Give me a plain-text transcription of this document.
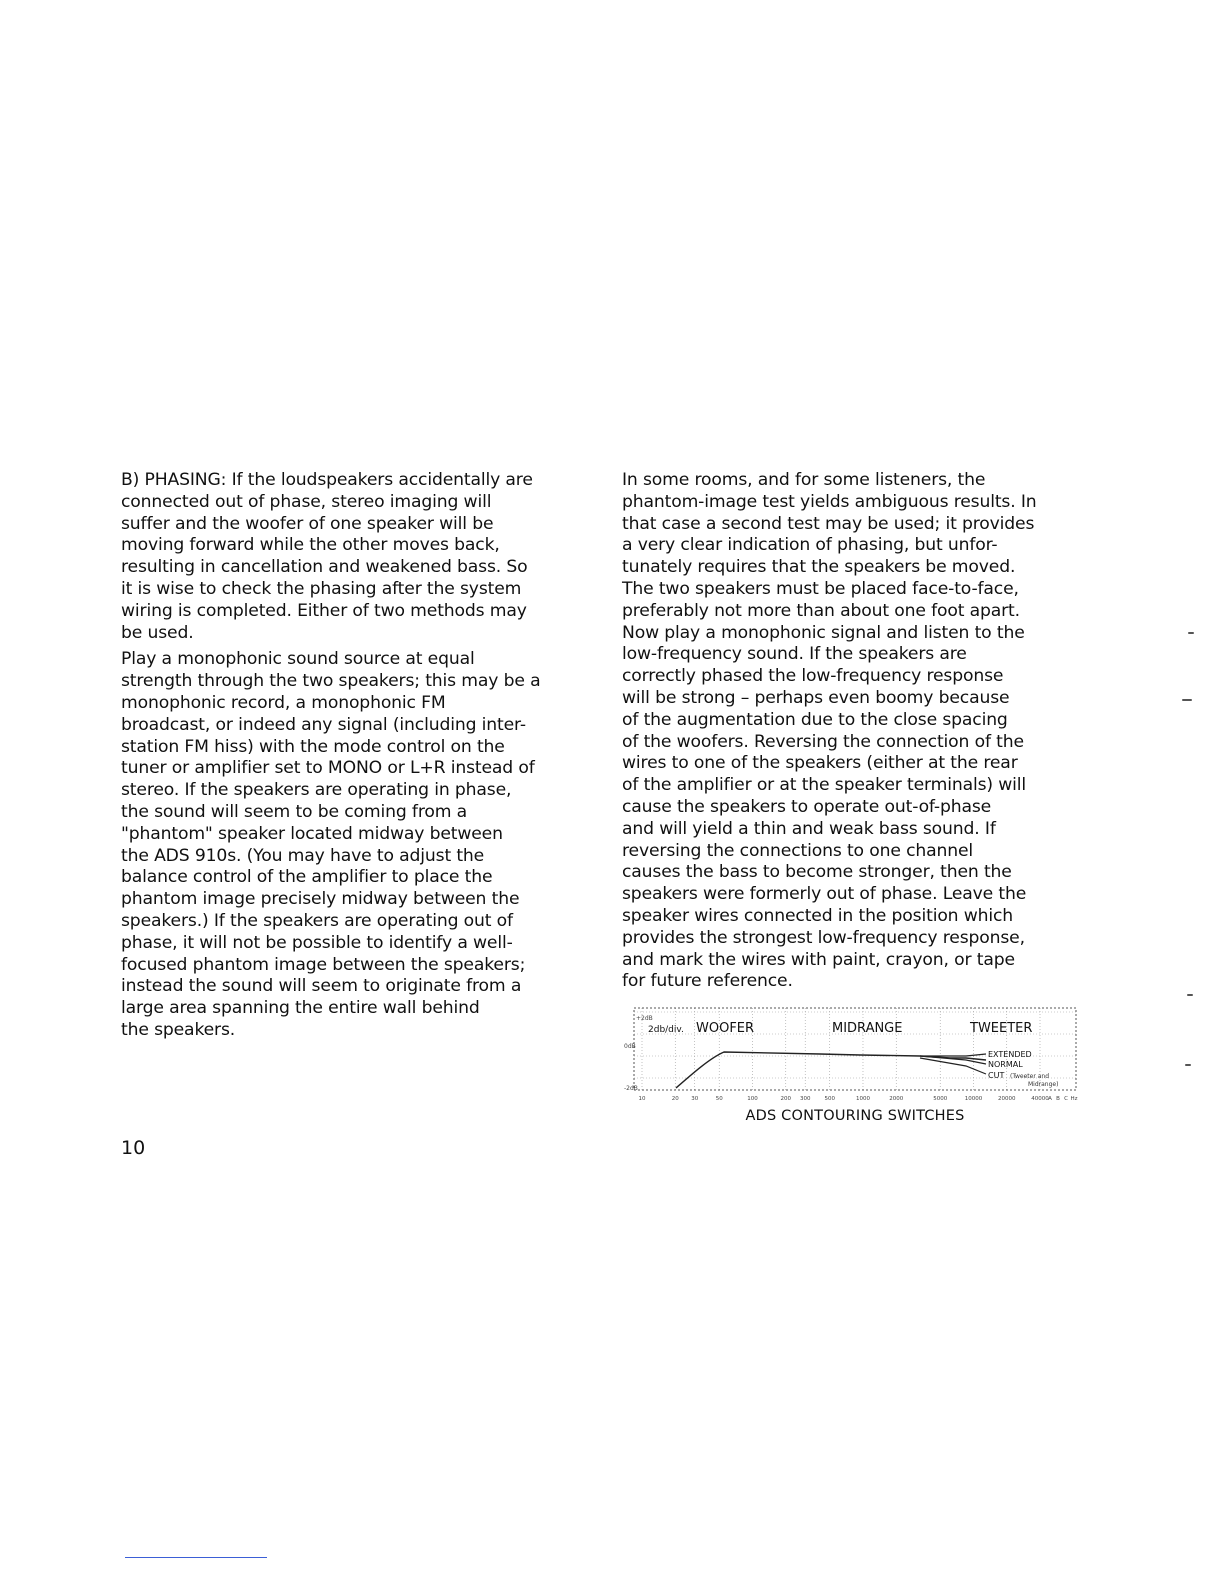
B) PHASING: If the loudspeakers accidentally are
connected out of phase, stereo imaging will
suffer and the woofer of one speaker will be
moving forward while the other moves back,
resulting in cancellation and weakened bass. So
it is wise to check the phasing after the system
wiring is completed. Either of two methods may
be used.

Play a monophonic sound source at equal
strength through the two speakers; this may be a
monophonic record, a monophonic FM
broadcast, or indeed any signal (including inter-
station FM hiss) with the mode control on the
tuner or amplifier set to MONO or L+R instead of
stereo. If the speakers are operating in phase,
the sound will seem to be coming from a
"phantom" speaker located midway between
the ADS 910s. (You may have to adjust the
balance control of the amplifier to place the
phantom image precisely midway between the
speakers.) If the speakers are operating out of
phase, it will not be possible to identify a well-
focused phantom image between the speakers;
instead the sound will seem to originate from a
large area spanning the entire wall behind
the speakers.

In some rooms, and for some listeners, the
phantom-image test yields ambiguous results. In
that case a second test may be used; it provides
a very clear indication of phasing, but unfor-
tunately requires that the speakers be moved.
The two speakers must be placed face-to-face,
preferably not more than about one foot apart.
Now play a monophonic signal and listen to the
low-frequency sound. If the speakers are
correctly phased the low-frequency response
will be strong – perhaps even boomy because
of the augmentation due to the close spacing
of the woofers. Reversing the connection of the
wires to one of the speakers (either at the rear
of the amplifier or at the speaker terminals) will
cause the speakers to operate out-of-phase
and will yield a thin and weak bass sound. If
reversing the connections to one channel
causes the bass to become stronger, then the
speakers were formerly out of phase. Leave the
speaker wires connected in the position which
provides the strongest low-frequency response,
and mark the wires with paint, crayon, or tape
for future reference.

+2dB
0dB
-2dB
2db/div. WOOFER	MIDRANGE	TWEETER
EXTENDED
NORMAL
CUT (Tweeter and
Midrange)
10	20 30	50	100	200 300	500	1000	2000	5000	10000	20000	40000 A B C Hz
ADS CONTOURING SWITCHES
10
